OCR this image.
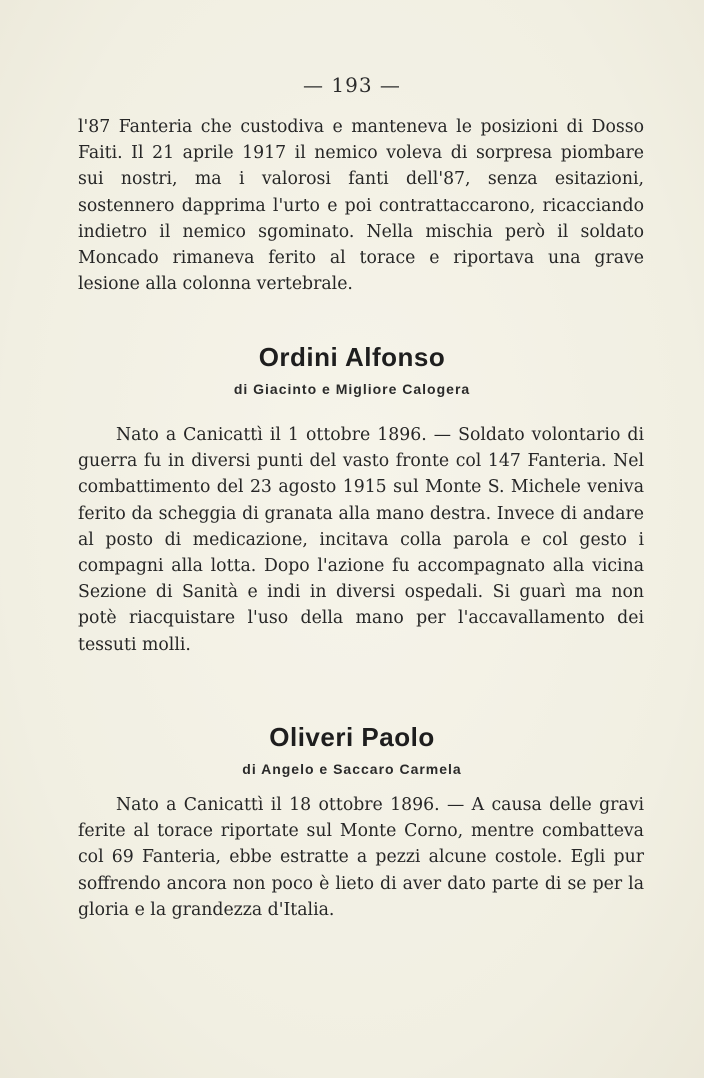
— 193 —

l'87 Fanteria che custodiva e manteneva le posizioni di Dosso Faiti. Il 21 aprile 1917 il nemico voleva di sorpresa piombare sui nostri, ma i valorosi fanti dell'87, senza esitazioni, sostennero dapprima l'urto e poi contrattaccarono, ricacciando indietro il nemico sgominato. Nella mischia però il soldato Moncado rimaneva ferito al torace e riportava una grave lesione alla colonna vertebrale.

Ordini Alfonso
di Giacinto e Migliore Calogera

Nato a Canicattì il 1 ottobre 1896. — Soldato volontario di guerra fu in diversi punti del vasto fronte col 147 Fanteria. Nel combattimento del 23 agosto 1915 sul Monte S. Michele veniva ferito da scheggia di granata alla mano destra. Invece di andare al posto di medicazione, incitava colla parola e col gesto i compagni alla lotta. Dopo l'azione fu accompagnato alla vicina Sezione di Sanità e indi in diversi ospedali. Si guarì ma non potè riacquistare l'uso della mano per l'accavallamento dei tessuti molli.

Oliveri Paolo
di Angelo e Saccaro Carmela

Nato a Canicattì il 18 ottobre 1896. — A causa delle gravi ferite al torace riportate sul Monte Corno, mentre combatteva col 69 Fanteria, ebbe estratte a pezzi alcune costole. Egli pur soffrendo ancora non poco è lieto di aver dato parte di se per la gloria e la grandezza d'Italia.
